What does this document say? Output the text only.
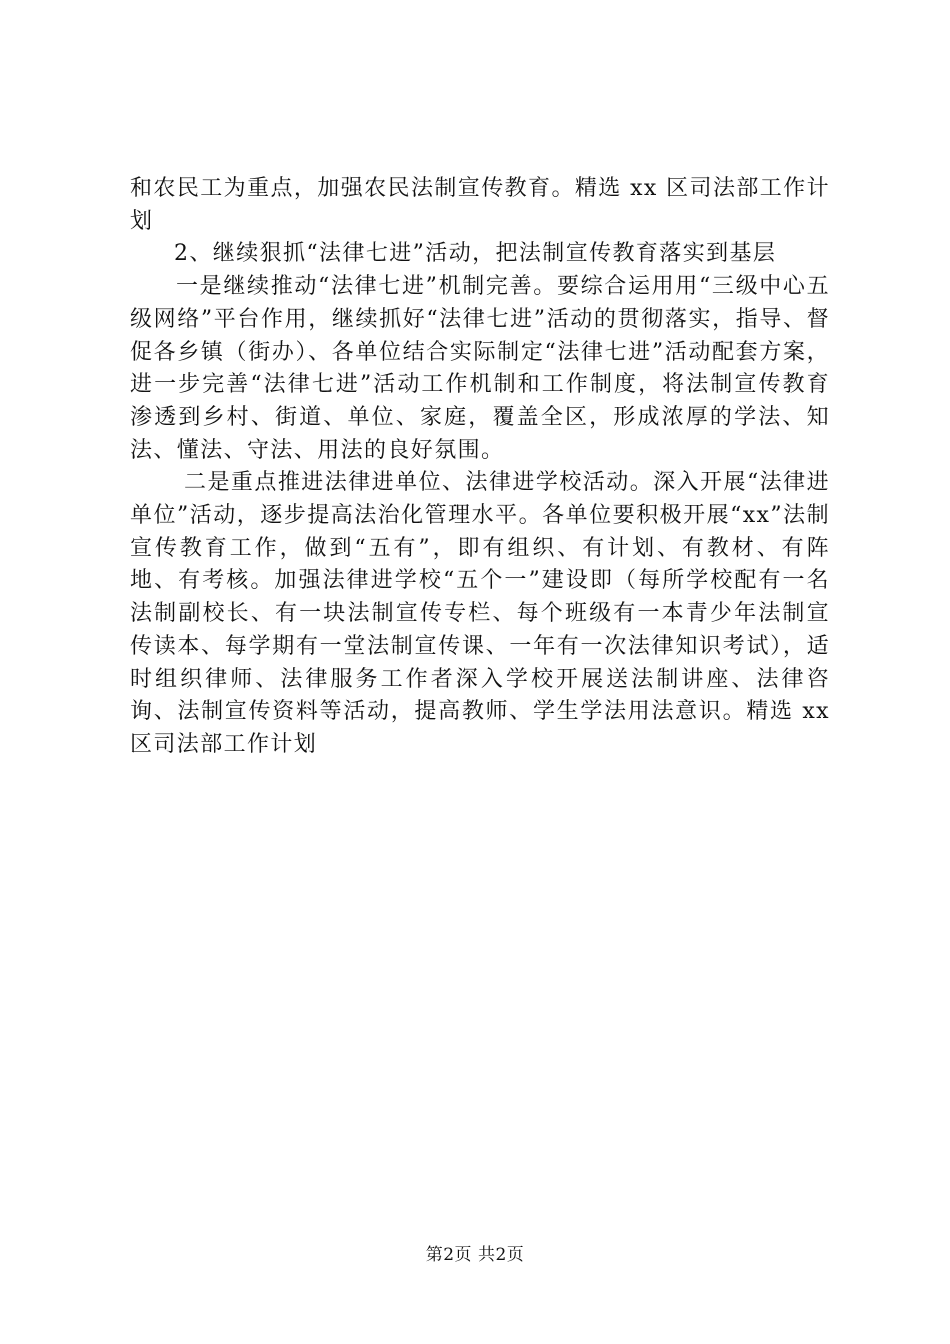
和农民工为重点，加强农民法制宣传教育。精选 xx 区司法部工作计划

2、继续狠抓“法律七进”活动，把法制宣传教育落实到基层

一是继续推动“法律七进”机制完善。要综合运用用“三级中心五级网络”平台作用，继续抓好“法律七进”活动的贯彻落实，指导、督促各乡镇（街办）、各单位结合实际制定“法律七进”活动配套方案，进一步完善“法律七进”活动工作机制和工作制度，将法制宣传教育渗透到乡村、街道、单位、家庭，覆盖全区，形成浓厚的学法、知法、懂法、守法、用法的良好氛围。

二是重点推进法律进单位、法律进学校活动。深入开展“法律进单位”活动，逐步提高法治化管理水平。各单位要积极开展“xx”法制宣传教育工作，做到“五有”，即有组织、有计划、有教材、有阵地、有考核。加强法律进学校“五个一”建设即（每所学校配有一名法制副校长、有一块法制宣传专栏、每个班级有一本青少年法制宣传读本、每学期有一堂法制宣传课、一年有一次法律知识考试），适时组织律师、法律服务工作者深入学校开展送法制讲座、法律咨询、法制宣传资料等活动，提高教师、学生学法用法意识。精选 xx 区司法部工作计划

第2页 共2页
